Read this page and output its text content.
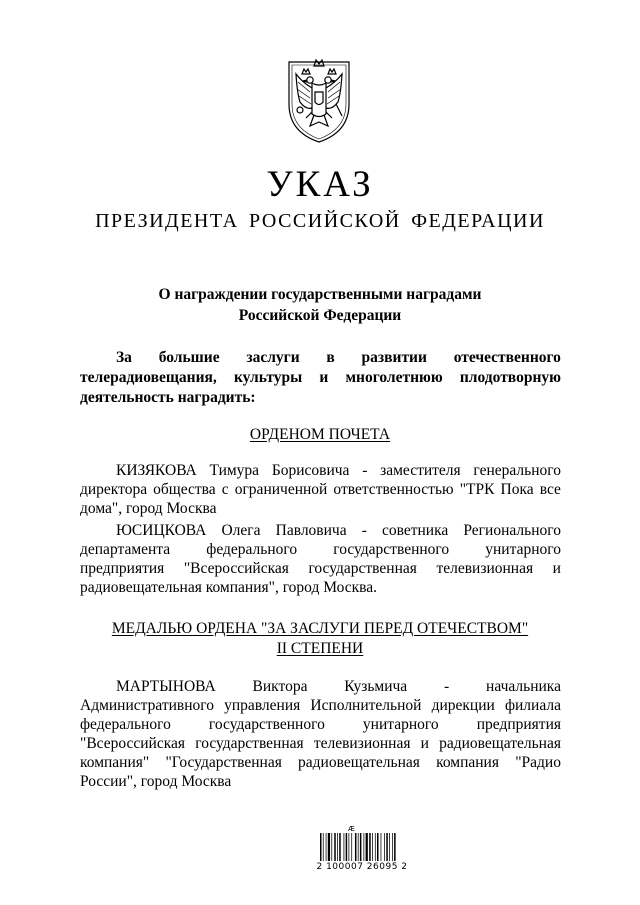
УКАЗ
ПРЕЗИДЕНТА РОССИЙСКОЙ ФЕДЕРАЦИИ
О награждении государственными наградами
Российской Федерации
За большие заслуги в развитии отечественного
телерадиовещания, культуры и многолетнюю плодотворную
деятельность наградить:
ОРДЕНОМ ПОЧЕТА
КИЗЯКОВА Тимура Борисовича - заместителя генерального
директора общества с ограниченной ответственностью "ТРК Пока все
дома", город Москва
ЮСИЦКОВА Олега Павловича - советника Регионального
департамента федерального государственного унитарного
предприятия "Всероссийская государственная телевизионная и
радиовещательная компания", город Москва.
МЕДАЛЬЮ ОРДЕНА "ЗА ЗАСЛУГИ ПЕРЕД ОТЕЧЕСТВОМ"
II СТЕПЕНИ
МАРТЫНОВА Виктора Кузьмича - начальника
Административного управления Исполнительной дирекции филиала
федерального государственного унитарного предприятия
"Всероссийская государственная телевизионная и радиовещательная
компания" "Государственная радиовещательная компания "Радио
России", город Москва
Æ
2 100007 26095 2
